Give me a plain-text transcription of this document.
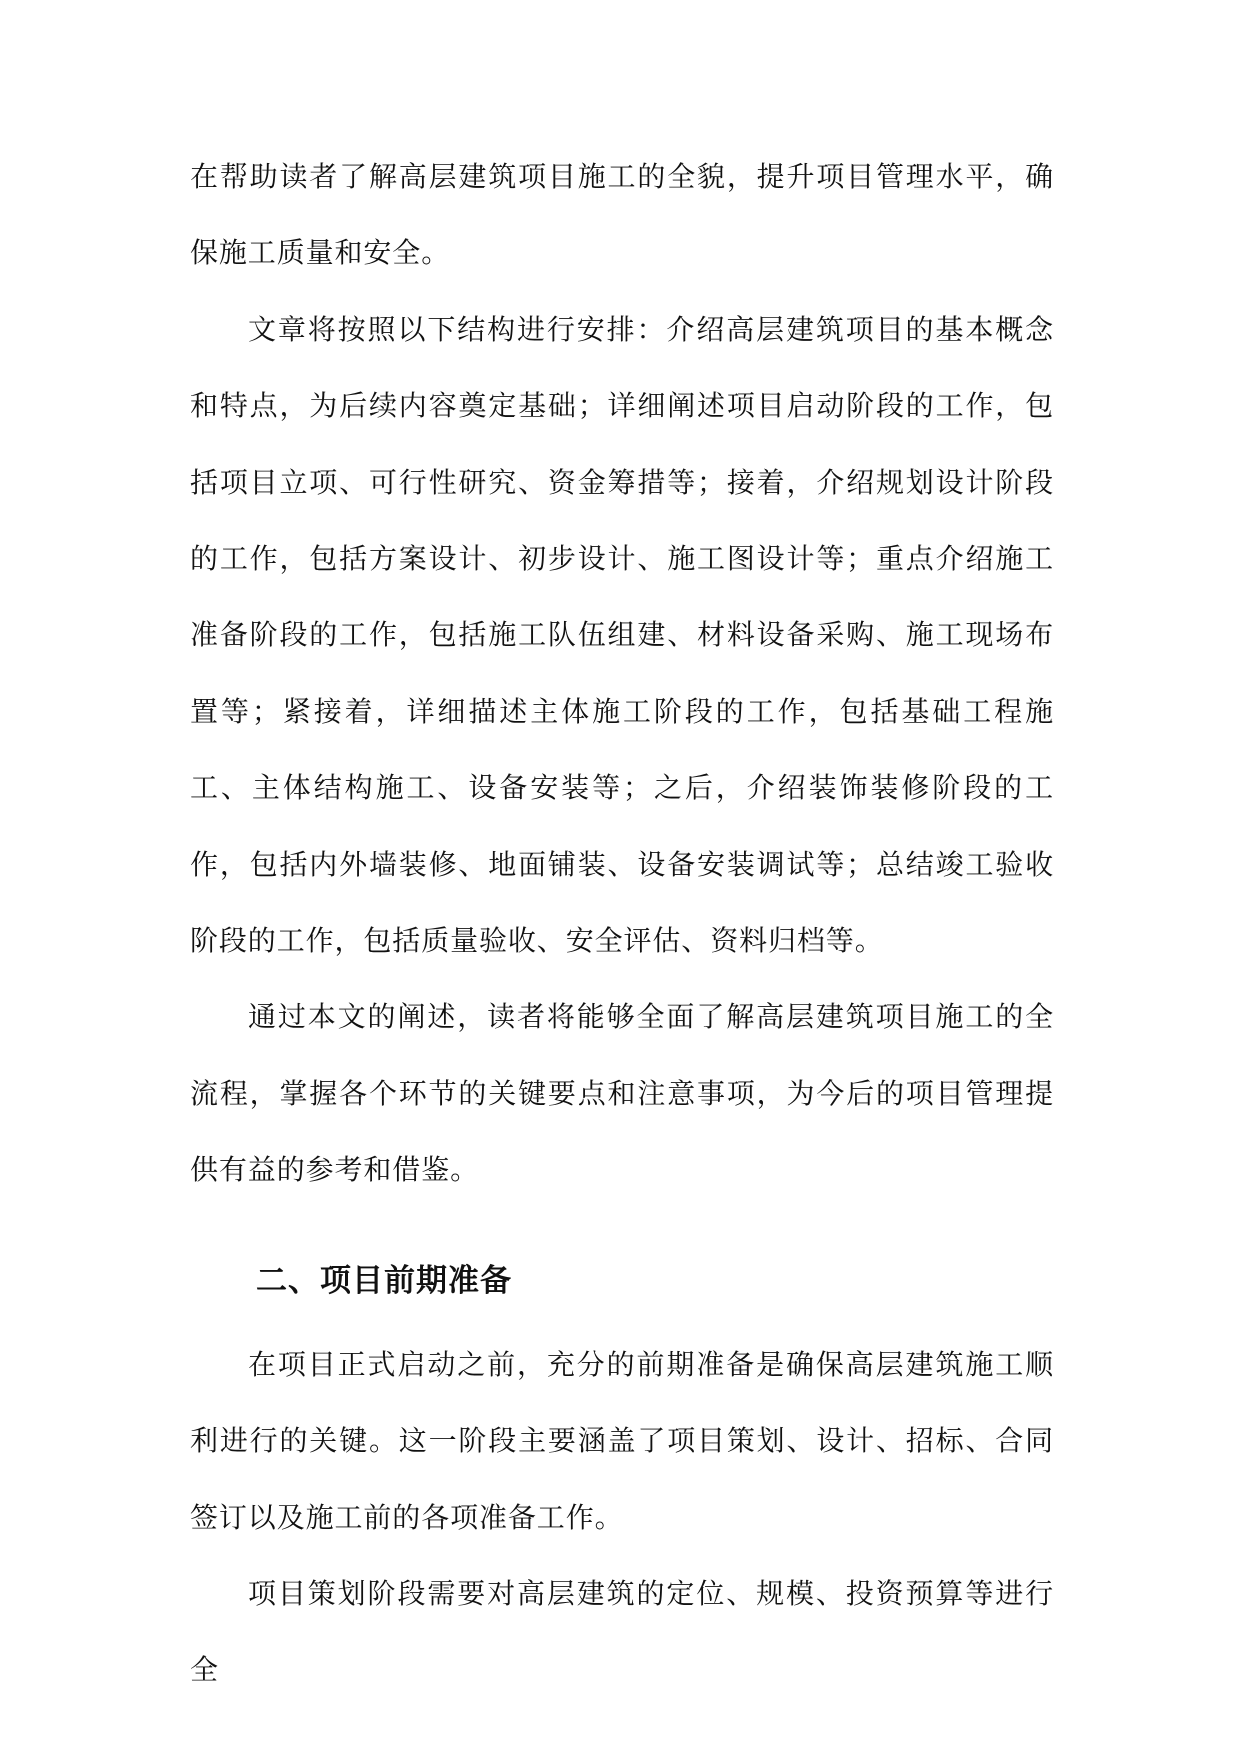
在帮助读者了解高层建筑项目施工的全貌，提升项目管理水平，确保施工质量和安全。

文章将按照以下结构进行安排：介绍高层建筑项目的基本概念和特点，为后续内容奠定基础；详细阐述项目启动阶段的工作，包括项目立项、可行性研究、资金筹措等；接着，介绍规划设计阶段的工作，包括方案设计、初步设计、施工图设计等；重点介绍施工准备阶段的工作，包括施工队伍组建、材料设备采购、施工现场布置等；紧接着，详细描述主体施工阶段的工作，包括基础工程施工、主体结构施工、设备安装等；之后，介绍装饰装修阶段的工作，包括内外墙装修、地面铺装、设备安装调试等；总结竣工验收阶段的工作，包括质量验收、安全评估、资料归档等。

通过本文的阐述，读者将能够全面了解高层建筑项目施工的全流程，掌握各个环节的关键要点和注意事项，为今后的项目管理提供有益的参考和借鉴。

二、项目前期准备

在项目正式启动之前，充分的前期准备是确保高层建筑施工顺利进行的关键。这一阶段主要涵盖了项目策划、设计、招标、合同签订以及施工前的各项准备工作。

项目策划阶段需要对高层建筑的定位、规模、投资预算等进行全
